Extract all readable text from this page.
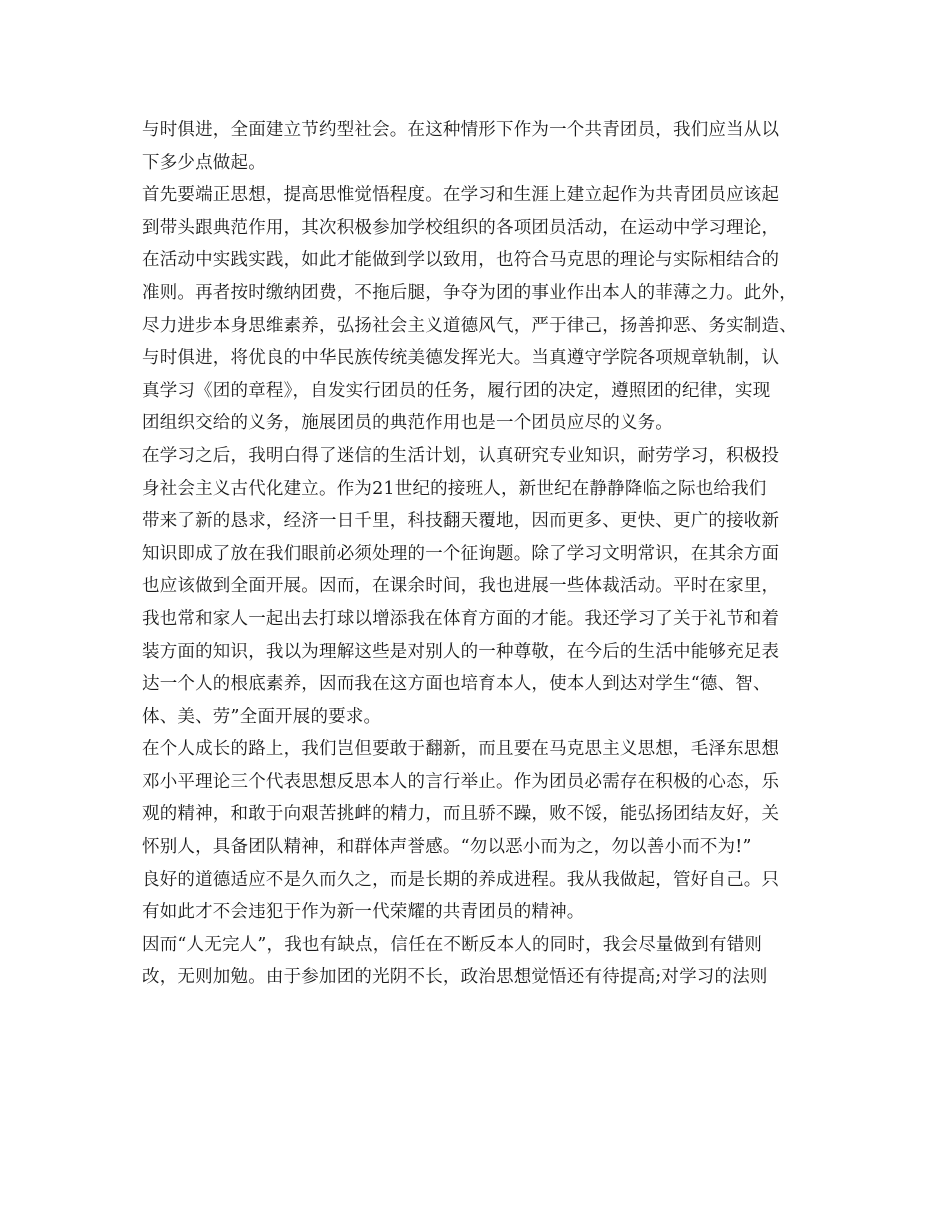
与时俱进，全面建立节约型社会。在这种情形下作为一个共青团员，我们应当从以
下多少点做起。
首先要端正思想，提高思惟觉悟程度。在学习和生涯上建立起作为共青团员应该起
到带头跟典范作用，其次积极参加学校组织的各项团员活动，在运动中学习理论，
在活动中实践实践，如此才能做到学以致用，也符合马克思的理论与实际相结合的
准则。再者按时缴纳团费，不拖后腿，争夺为团的事业作出本人的菲薄之力。此外，
尽力进步本身思维素养，弘扬社会主义道德风气，严于律己，扬善抑恶、务实制造、
与时俱进，将优良的中华民族传统美德发挥光大。当真遵守学院各项规章轨制，认
真学习《团的章程》，自发实行团员的任务，履行团的决定，遵照团的纪律，实现
团组织交给的义务，施展团员的典范作用也是一个团员应尽的义务。
在学习之后，我明白得了迷信的生活计划，认真研究专业知识，耐劳学习，积极投
身社会主义古代化建立。作为21世纪的接班人，新世纪在静静降临之际也给我们
带来了新的恳求，经济一日千里，科技翻天覆地，因而更多、更快、更广的接收新
知识即成了放在我们眼前必须处理的一个征询题。除了学习文明常识，在其余方面
也应该做到全面开展。因而，在课余时间，我也进展一些体裁活动。平时在家里，
我也常和家人一起出去打球以增添我在体育方面的才能。我还学习了关于礼节和着
装方面的知识，我以为理解这些是对别人的一种尊敬，在今后的生活中能够充足表
达一个人的根底素养，因而我在这方面也培育本人，使本人到达对学生“德、智、
体、美、劳”全面开展的要求。
在个人成长的路上，我们岂但要敢于翻新，而且要在马克思主义思想，毛泽东思想
邓小平理论三个代表思想反思本人的言行举止。作为团员必需存在积极的心态，乐
观的精神，和敢于向艰苦挑衅的精力，而且骄不躁，败不馁，能弘扬团结友好，关
怀别人，具备团队精神，和群体声誉感。“勿以恶小而为之，勿以善小而不为!”
良好的道德适应不是久而久之，而是长期的养成进程。我从我做起，管好自己。只
有如此才不会违犯于作为新一代荣耀的共青团员的精神。
因而“人无完人”，我也有缺点，信任在不断反本人的同时，我会尽量做到有错则
改，无则加勉。由于参加团的光阴不长，政治思想觉悟还有待提高;对学习的法则
